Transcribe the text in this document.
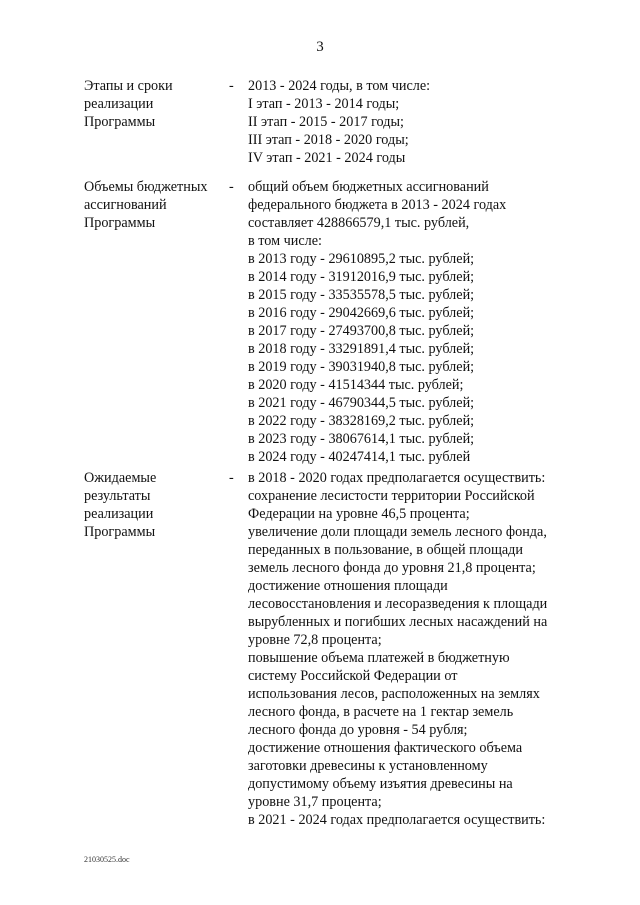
3
Этапы и сроки
реализации
Программы
- 2013 - 2024 годы, в том числе:
I этап - 2013 - 2014 годы;
II этап - 2015 - 2017 годы;
III этап - 2018 - 2020 годы;
IV этап - 2021 - 2024 годы
Объемы бюджетных
ассигнований
Программы
- общий объем бюджетных ассигнований
федерального бюджета в 2013 - 2024 годах
составляет 428866579,1 тыс. рублей,
в том числе:
в 2013 году - 29610895,2 тыс. рублей;
в 2014 году - 31912016,9 тыс. рублей;
в 2015 году - 33535578,5 тыс. рублей;
в 2016 году - 29042669,6 тыс. рублей;
в 2017 году - 27493700,8 тыс. рублей;
в 2018 году - 33291891,4 тыс. рублей;
в 2019 году - 39031940,8 тыс. рублей;
в 2020 году - 41514344 тыс. рублей;
в 2021 году - 46790344,5 тыс. рублей;
в 2022 году - 38328169,2 тыс. рублей;
в 2023 году - 38067614,1 тыс. рублей;
в 2024 году - 40247414,1 тыс. рублей
Ожидаемые
результаты
реализации
Программы
- в 2018 - 2020 годах предполагается осуществить:
сохранение лесистости территории Российской
Федерации на уровне 46,5 процента;
увеличение доли площади земель лесного фонда,
переданных в пользование, в общей площади
земель лесного фонда до уровня 21,8 процента;
достижение отношения площади
лесовосстановления и лесоразведения к площади
вырубленных и погибших лесных насаждений на
уровне 72,8 процента;
повышение объема платежей в бюджетную
систему Российской Федерации от
использования лесов, расположенных на землях
лесного фонда, в расчете на 1 гектар земель
лесного фонда до уровня - 54 рубля;
достижение отношения фактического объема
заготовки древесины к установленному
допустимому объему изъятия древесины на
уровне 31,7 процента;
в 2021 - 2024 годах предполагается осуществить:
21030525.doc
